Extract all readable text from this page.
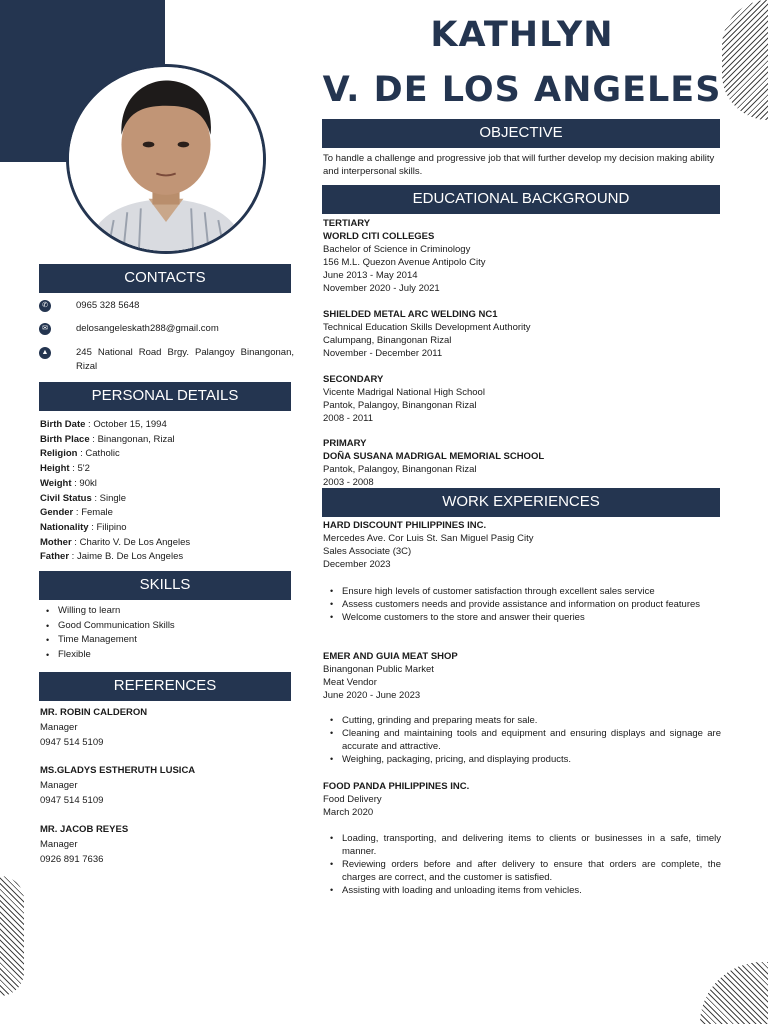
KATHLYN
V. DE LOS ANGELES
CONTACTS
✆	0965 328 5648
✉	delosangeleskath288@gmail.com
▲	245 National Road Brgy. Palangoy Binangonan, Rizal
PERSONAL DETAILS
Birth Date : October 15, 1994
Birth Place : Binangonan, Rizal
Religion : Catholic
Height : 5'2
Weight : 90kl
Civil Status : Single
Gender : Female
Nationality : Filipino
Mother : Charito V. De Los Angeles
Father : Jaime B. De Los Angeles
SKILLS
• Willing to learn
• Good Communication Skills
• Time Management
• Flexible
REFERENCES

MR. ROBIN CALDERON

Manager

0947 514 5109

MS.GLADYS ESTHERUTH LUSICA

Manager

0947 514 5109

MR. JACOB REYES

Manager

0926 891 7636

OBJECTIVE
To handle a challenge and progressive job that will further develop my decision making ability and interpersonal skills.
EDUCATIONAL BACKGROUND

TERTIARY

WORLD CITI COLLEGES

Bachelor of Science in Criminology

156 M.L. Quezon Avenue Antipolo City

June 2013 - May 2014

November 2020 - July 2021

SHIELDED METAL ARC WELDING NC1

Technical Education Skills Development Authority

Calumpang, Binangonan Rizal

November - December 2011

SECONDARY

Vicente Madrigal National High School

Pantok, Palangoy, Binangonan Rizal

2008 - 2011

PRIMARY

DOÑA SUSANA MADRIGAL MEMORIAL SCHOOL

Pantok, Palangoy, Binangonan Rizal

2003 - 2008

WORK EXPERIENCES

HARD DISCOUNT PHILIPPINES INC.

Mercedes Ave. Cor Luis St. San Miguel Pasig City

Sales Associate (3C)

December 2023

• Ensure high levels of customer satisfaction through excellent sales service
• Assess customers needs and provide assistance and information on product features
• Welcome customers to the store and answer their queries

EMER AND GUIA MEAT SHOP

Binangonan Public Market

Meat Vendor

June 2020 - June 2023

• Cutting, grinding and preparing meats for sale.
• Cleaning and maintaining tools and equipment and ensuring displays and signage are accurate and attractive.
• Weighing, packaging, pricing, and displaying products.

FOOD PANDA PHILIPPINES INC.

Food Delivery

March 2020

• Loading, transporting, and delivering items to clients or businesses in a safe, timely manner.
• Reviewing orders before and after delivery to ensure that orders are complete, the charges are correct, and the customer is satisfied.
• Assisting with loading and unloading items from vehicles.
